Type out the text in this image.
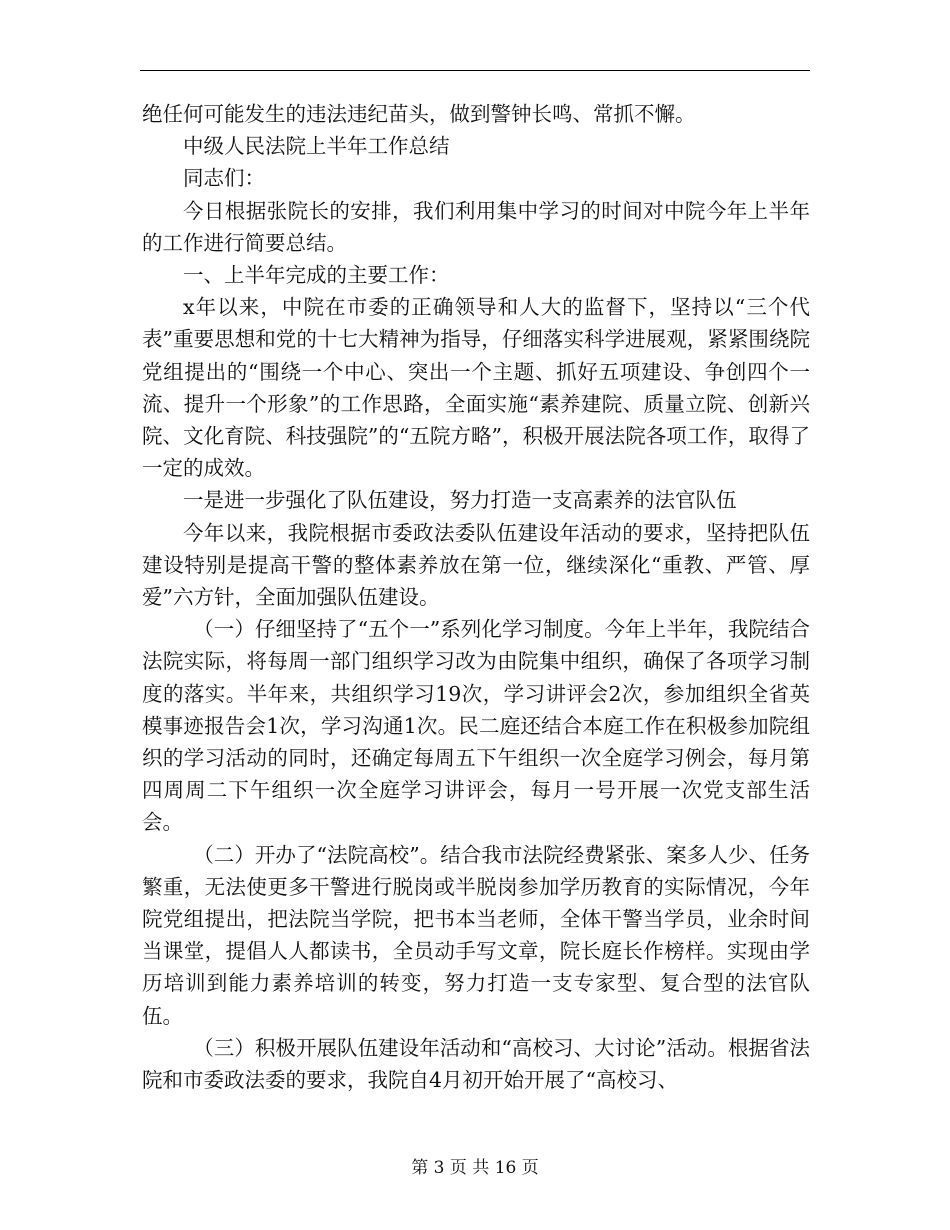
绝任何可能发生的违法违纪苗头，做到警钟长鸣、常抓不懈。

中级人民法院上半年工作总结

同志们：

今日根据张院长的安排，我们利用集中学习的时间对中院今年上半年的工作进行简要总结。

一、上半年完成的主要工作：

x年以来，中院在市委的正确领导和人大的监督下，坚持以“三个代表”重要思想和党的十七大精神为指导，仔细落实科学进展观，紧紧围绕院党组提出的“围绕一个中心、突出一个主题、抓好五项建设、争创四个一流、提升一个形象”的工作思路，全面实施“素养建院、质量立院、创新兴院、文化育院、科技强院”的“五院方略”，积极开展法院各项工作，取得了一定的成效。

一是进一步强化了队伍建设，努力打造一支高素养的法官队伍

今年以来，我院根据市委政法委队伍建设年活动的要求，坚持把队伍建设特别是提高干警的整体素养放在第一位，继续深化“重教、严管、厚爱”六方针，全面加强队伍建设。

（一）仔细坚持了“五个一”系列化学习制度。今年上半年，我院结合法院实际，将每周一部门组织学习改为由院集中组织，确保了各项学习制度的落实。半年来，共组织学习19次，学习讲评会2次，参加组织全省英模事迹报告会1次，学习沟通1次。民二庭还结合本庭工作在积极参加院组织的学习活动的同时，还确定每周五下午组织一次全庭学习例会，每月第四周周二下午组织一次全庭学习讲评会，每月一号开展一次党支部生活会。

（二）开办了“法院高校”。结合我市法院经费紧张、案多人少、任务繁重，无法使更多干警进行脱岗或半脱岗参加学历教育的实际情况，今年院党组提出，把法院当学院，把书本当老师，全体干警当学员，业余时间当课堂，提倡人人都读书，全员动手写文章，院长庭长作榜样。实现由学历培训到能力素养培训的转变，努力打造一支专家型、复合型的法官队伍。

（三）积极开展队伍建设年活动和“高校习、大讨论”活动。根据省法院和市委政法委的要求，我院自4月初开始开展了“高校习、

第 3 页 共 16 页
